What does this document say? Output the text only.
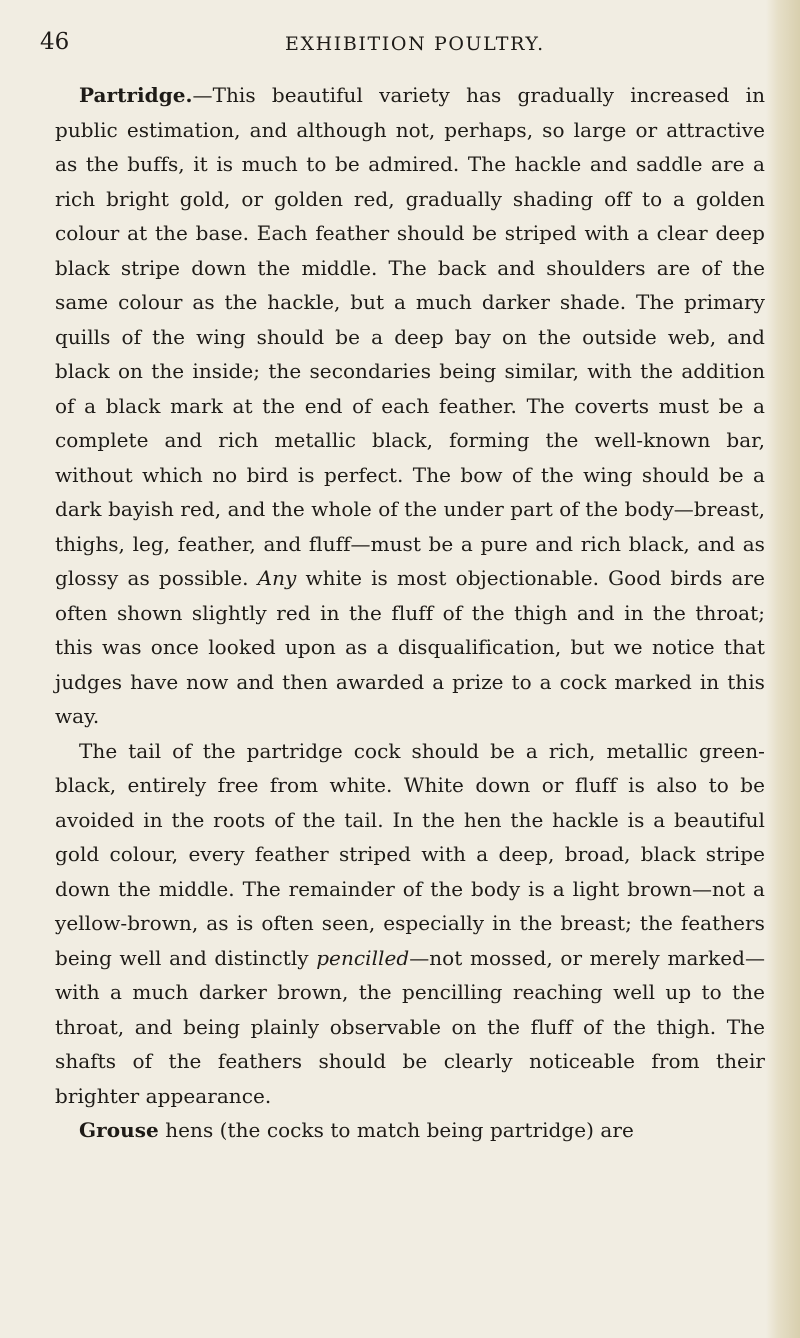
46	EXHIBITION POULTRY.

Partridge.—This beautiful variety has gradually increased in public estimation, and although not, perhaps, so large or attractive as the buffs, it is much to be admired. The hackle and saddle are a rich bright gold, or golden red, gradually shading off to a golden colour at the base. Each feather should be striped with a clear deep black stripe down the middle. The back and shoulders are of the same colour as the hackle, but a much darker shade. The primary quills of the wing should be a deep bay on the outside web, and black on the inside; the secondaries being similar, with the addition of a black mark at the end of each feather. The coverts must be a complete and rich metallic black, forming the well-known bar, without which no bird is perfect. The bow of the wing should be a dark bayish red, and the whole of the under part of the body—breast, thighs, leg, feather, and fluff—must be a pure and rich black, and as glossy as possible. Any white is most objectionable. Good birds are often shown slightly red in the fluff of the thigh and in the throat; this was once looked upon as a disqualification, but we notice that judges have now and then awarded a prize to a cock marked in this way.

The tail of the partridge cock should be a rich, metallic green-black, entirely free from white. White down or fluff is also to be avoided in the roots of the tail. In the hen the hackle is a beautiful gold colour, every feather striped with a deep, broad, black stripe down the middle. The remainder of the body is a light brown—not a yellow-brown, as is often seen, especially in the breast; the feathers being well and distinctly pencilled—not mossed, or merely marked—with a much darker brown, the pencilling reaching well up to the throat, and being plainly observable on the fluff of the thigh. The shafts of the feathers should be clearly noticeable from their brighter appearance.

Grouse hens (the cocks to match being partridge) are
